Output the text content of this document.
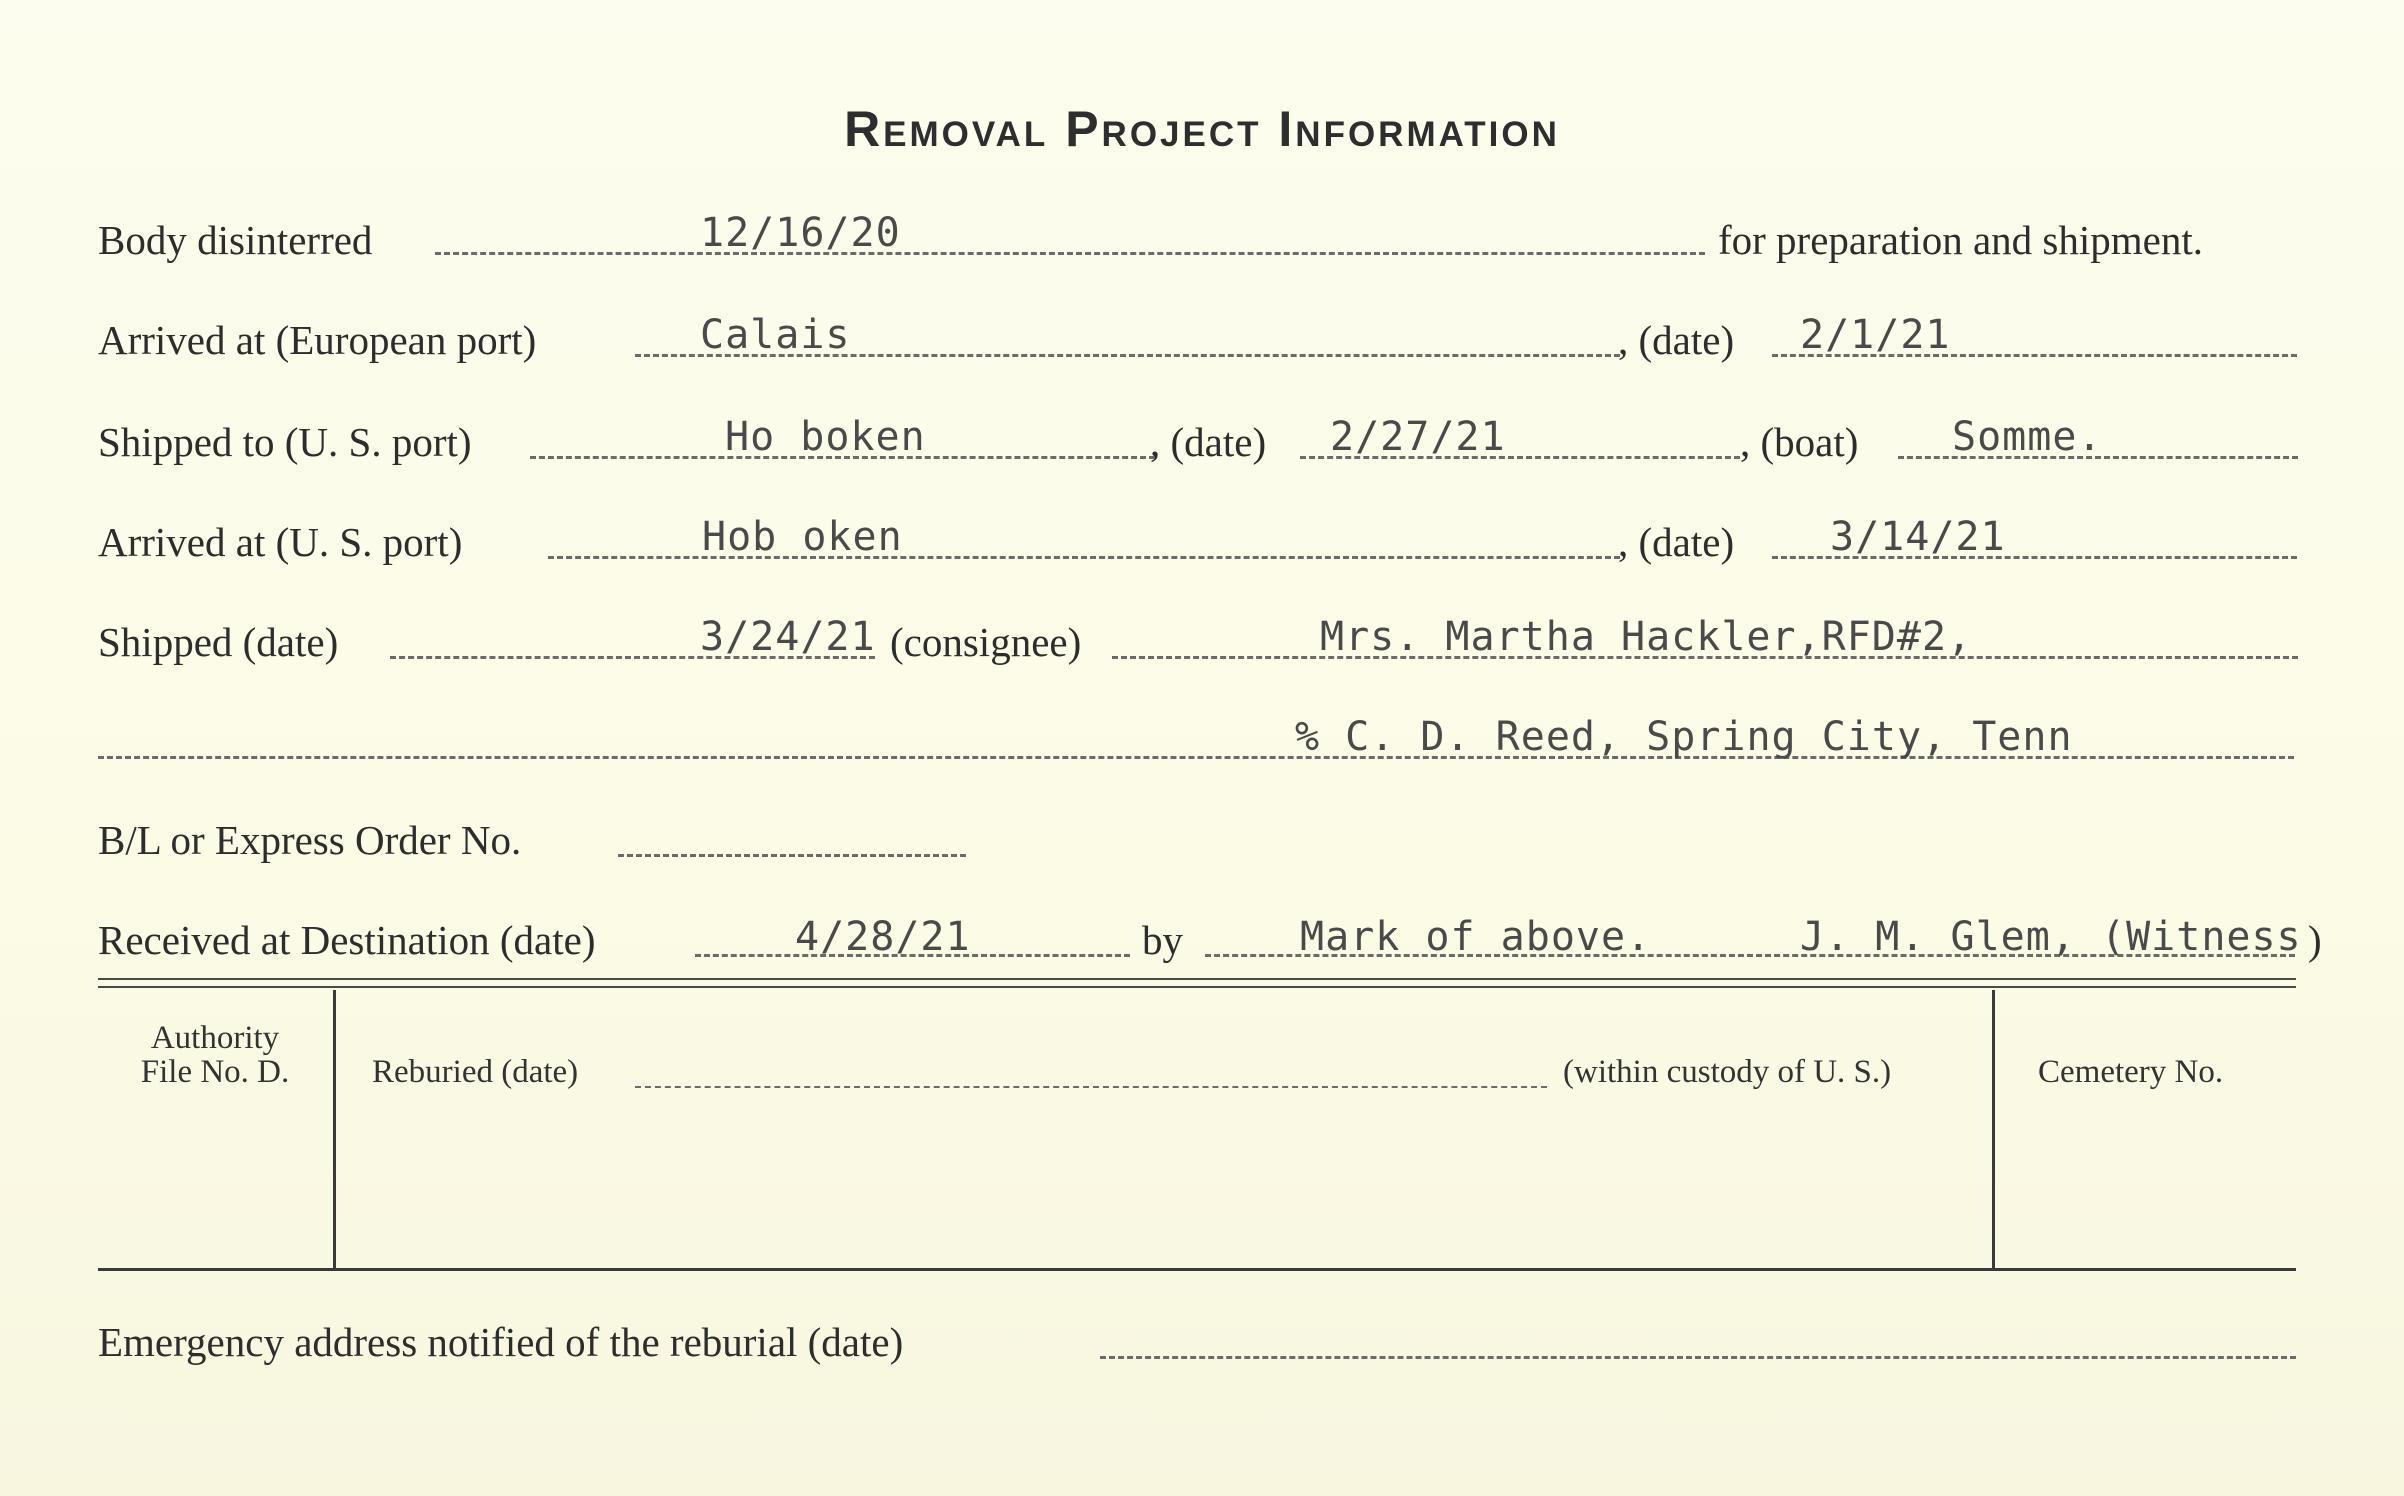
Removal Project Information
Body disinterred	12/16/20	for preparation and shipment.
Arrived at (European port)	Calais	, (date) 2/1/21
Shipped to (U. S. port)	Ho boken	, (date) 2/27/21	, (boat) Somme.
Arrived at (U. S. port)	Hob oken	, (date) 3/14/21
Shipped (date)	3/24/21 (consignee)	Mrs. Martha Hackler,RFD#2,
% C. D. Reed, Spring City, Tenn
B/L or Express Order No.
Received at Destination (date)	4/28/21	by	Mark of above.	J. M. Glem, (Witness )
Authority
File No. D.	Reburied (date)	(within custody of U. S.)	Cemetery No.
Emergency address notified of the reburial (date)
